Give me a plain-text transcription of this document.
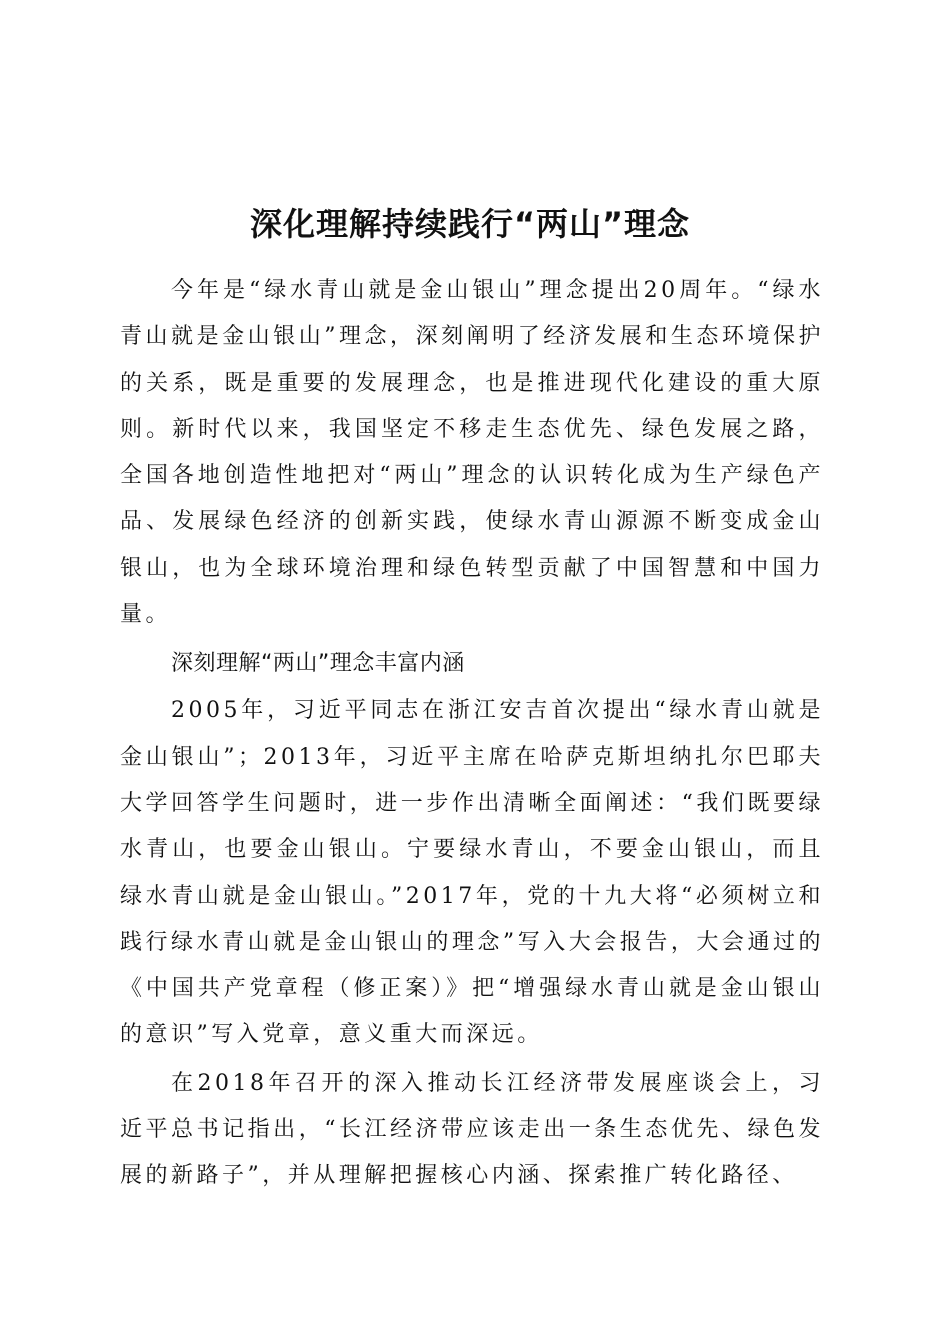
深化理解持续践行“两山”理念

今年是“绿水青山就是金山银山”理念提出20周年。“绿水青山就是金山银山”理念，深刻阐明了经济发展和生态环境保护的关系，既是重要的发展理念，也是推进现代化建设的重大原则。新时代以来，我国坚定不移走生态优先、绿色发展之路，全国各地创造性地把对“两山”理念的认识转化成为生产绿色产品、发展绿色经济的创新实践，使绿水青山源源不断变成金山银山，也为全球环境治理和绿色转型贡献了中国智慧和中国力量。

深刻理解“两山”理念丰富内涵

2005年，习近平同志在浙江安吉首次提出“绿水青山就是金山银山”；2013年，习近平主席在哈萨克斯坦纳扎尔巴耶夫大学回答学生问题时，进一步作出清晰全面阐述：“我们既要绿水青山，也要金山银山。宁要绿水青山，不要金山银山，而且绿水青山就是金山银山。”2017年，党的十九大将“必须树立和践行绿水青山就是金山银山的理念”写入大会报告，大会通过的《中国共产党章程（修正案）》把“增强绿水青山就是金山银山的意识”写入党章，意义重大而深远。

在2018年召开的深入推动长江经济带发展座谈会上，习近平总书记指出，“长江经济带应该走出一条生态优先、绿色发展的新路子”，并从理解把握核心内涵、探索推广转化路径、
